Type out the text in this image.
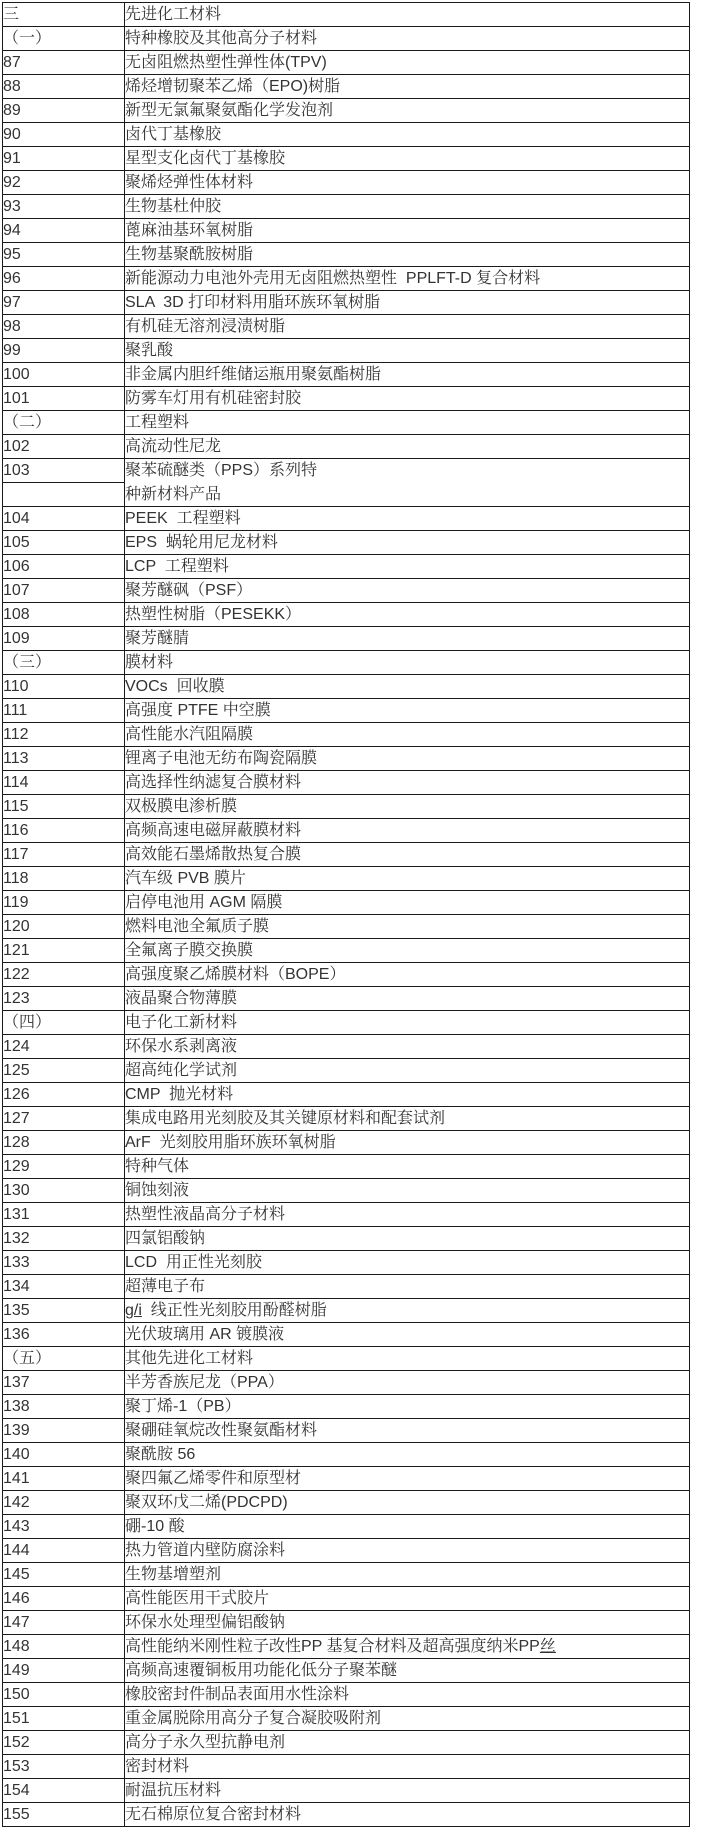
三	先进化工材料
（一）	特种橡胶及其他高分子材料
87	无卤阻燃热塑性弹性体(TPV)
88	烯烃增韧聚苯乙烯（EPO)树脂
89	新型无氯氟聚氨酯化学发泡剂
90	卤代丁基橡胶
91	星型支化卤代丁基橡胶
92	聚烯烃弹性体材料
93	生物基杜仲胶
94	蓖麻油基环氧树脂
95	生物基聚酰胺树脂
96	新能源动力电池外壳用无卤阻燃热塑性  PPLFT-D 复合材料
97	SLA  3D 打印材料用脂环族环氧树脂
98	有机硅无溶剂浸渍树脂
99	聚乳酸
100	非金属内胆纤维储运瓶用聚氨酯树脂
101	防雾车灯用有机硅密封胶
（二）	工程塑料
102	高流动性尼龙
103	聚苯硫醚类（PPS）系列特
	种新材料产品
104	PEEK  工程塑料
105	EPS  蜗轮用尼龙材料
106	LCP  工程塑料
107	聚芳醚砜（PSF）
108	热塑性树脂（PESEKK）
109	聚芳醚腈
（三）	膜材料
110	VOCs  回收膜
111	高强度 PTFE 中空膜
112	高性能水汽阻隔膜
113	锂离子电池无纺布陶瓷隔膜
114	高选择性纳滤复合膜材料
115	双极膜电渗析膜
116	高频高速电磁屏蔽膜材料
117	高效能石墨烯散热复合膜
118	汽车级 PVB 膜片
119	启停电池用 AGM 隔膜
120	燃料电池全氟质子膜
121	全氟离子膜交换膜
122	高强度聚乙烯膜材料（BOPE）
123	液晶聚合物薄膜
（四）	电子化工新材料
124	环保水系剥离液
125	超高纯化学试剂
126	CMP  抛光材料
127	集成电路用光刻胶及其关键原材料和配套试剂
128	ArF  光刻胶用脂环族环氧树脂
129	特种气体
130	铜蚀刻液
131	热塑性液晶高分子材料
132	四氯铝酸钠
133	LCD  用正性光刻胶
134	超薄电子布
135	g/i  线正性光刻胶用酚醛树脂
136	光伏玻璃用 AR 镀膜液
（五）	其他先进化工材料
137	半芳香族尼龙（PPA）
138	聚丁烯-1（PB）
139	聚硼硅氧烷改性聚氨酯材料
140	聚酰胺 56
141	聚四氟乙烯零件和原型材
142	聚双环戊二烯(PDCPD)
143	硼-10 酸
144	热力管道内壁防腐涂料
145	生物基增塑剂
146	高性能医用干式胶片
147	环保水处理型偏铝酸钠
148	高性能纳米刚性粒子改性PP 基复合材料及超高强度纳米PP丝
149	高频高速覆铜板用功能化低分子聚苯醚
150	橡胶密封件制品表面用水性涂料
151	重金属脱除用高分子复合凝胶吸附剂
152	高分子永久型抗静电剂
153	密封材料
154	耐温抗压材料
155	无石棉原位复合密封材料
